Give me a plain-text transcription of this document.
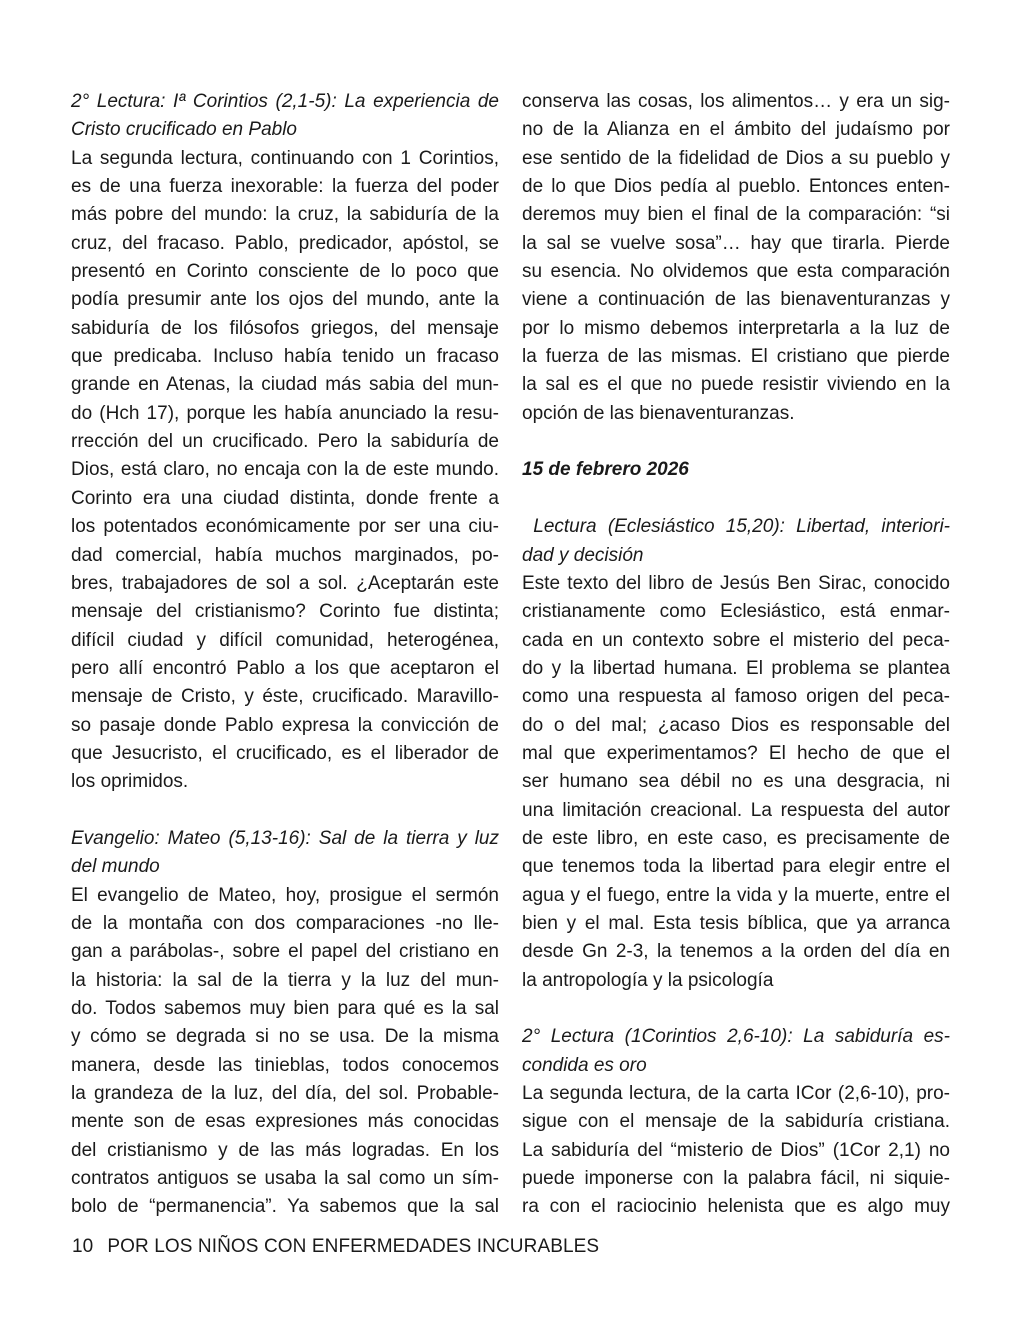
2° Lectura: Iª Corintios (2,1-5): La experiencia de
Cristo crucificado en Pablo
La segunda lectura, continuando con 1 Corintios,
es de una fuerza inexorable: la fuerza del poder
más pobre del mundo: la cruz, la sabiduría de la
cruz, del fracaso. Pablo, predicador, apóstol, se
presentó en Corinto consciente de lo poco que
podía presumir ante los ojos del mundo, ante la
sabiduría de los filósofos griegos, del mensaje
que predicaba. Incluso había tenido un fracaso
grande en Atenas, la ciudad más sabia del mun-
do (Hch 17), porque les había anunciado la resu-
rrección del un crucificado. Pero la sabiduría de
Dios, está claro, no encaja con la de este mundo.
Corinto era una ciudad distinta, donde frente a
los potentados económicamente por ser una ciu-
dad comercial, había muchos marginados, po-
bres, trabajadores de sol a sol. ¿Aceptarán este
mensaje del cristianismo? Corinto fue distinta;
difícil ciudad y difícil comunidad, heterogénea,
pero allí encontró Pablo a los que aceptaron el
mensaje de Cristo, y éste, crucificado. Maravillo-
so pasaje donde Pablo expresa la convicción de
que Jesucristo, el crucificado, es el liberador de
los oprimidos.
Evangelio: Mateo (5,13-16): Sal de la tierra y luz
del mundo
El evangelio de Mateo, hoy, prosigue el sermón
de la montaña con dos comparaciones -no lle-
gan a parábolas-, sobre el papel del cristiano en
la historia: la sal de la tierra y la luz del mun-
do. Todos sabemos muy bien para qué es la sal
y cómo se degrada si no se usa. De la misma
manera, desde las tinieblas, todos conocemos
la grandeza de la luz, del día, del sol. Probable-
mente son de esas expresiones más conocidas
del cristianismo y de las más logradas. En los
contratos antiguos se usaba la sal como un sím-
bolo de “permanencia”. Ya sabemos que la sal
conserva las cosas, los alimentos… y era un sig-
no de la Alianza en el ámbito del judaísmo por
ese sentido de la fidelidad de Dios a su pueblo y
de lo que Dios pedía al pueblo. Entonces enten-
deremos muy bien el final de la comparación: “si
la sal se vuelve sosa”… hay que tirarla. Pierde
su esencia. No olvidemos que esta comparación
viene a continuación de las bienaventuranzas y
por lo mismo debemos interpretarla a la luz de
la fuerza de las mismas. El cristiano que pierde
la sal es el que no puede resistir viviendo en la
opción de las bienaventuranzas.
15 de febrero 2026
Lectura (Eclesiástico 15,20): Libertad, interiori-
dad y decisión
Este texto del libro de Jesús Ben Sirac, conocido
cristianamente como Eclesiástico, está enmar-
cada en un contexto sobre el misterio del peca-
do y la libertad humana. El problema se plantea
como una respuesta al famoso origen del peca-
do o del mal; ¿acaso Dios es responsable del
mal que experimentamos? El hecho de que el
ser humano sea débil no es una desgracia, ni
una limitación creacional. La respuesta del autor
de este libro, en este caso, es precisamente de
que tenemos toda la libertad para elegir entre el
agua y el fuego, entre la vida y la muerte, entre el
bien y el mal. Esta tesis bíblica, que ya arranca
desde Gn 2-3, la tenemos a la orden del día en
la antropología y la psicología
2° Lectura (1Corintios 2,6-10): La sabiduría es-
condida es oro
La segunda lectura, de la carta ICor (2,6-10), pro-
sigue con el mensaje de la sabiduría cristiana.
La sabiduría del “misterio de Dios” (1Cor 2,1) no
puede imponerse con la palabra fácil, ni siquie-
ra con el raciocinio helenista que es algo muy
10 POR LOS NIÑOS CON ENFERMEDADES INCURABLES
